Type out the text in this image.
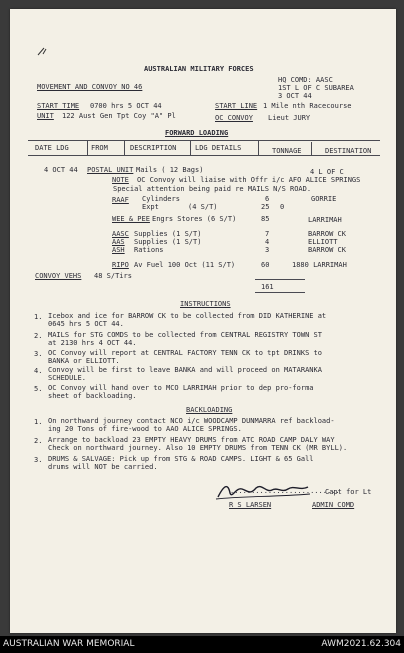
AUSTRALIAN MILITARY FORCES
HQ COMD: AASC
1ST L OF C SUBAREA
3 OCT 44
MOVEMENT AND CONVOY NO 46
START TIME 0700 hrs 5 OCT 44	START LINE 1 Mile nth Racecourse
UNIT 122 Aust Gen Tpt Coy "A" Pl	OC CONVOY Lieut JURY
FORWARD LOADING
DATE LDG	FROM	DESCRIPTION	LDG DETAILS	TONNAGE	DESTINATION
4 OCT 44 POSTAL UNIT Mails ( 12 Bags)	4 L OF C
NOTE OC Convoy will liaise with Offr i/c AFO ALICE SPRINGS
Special attention being paid re MAILS N/S ROAD.
RAAF Cylinders	6	GORRIE
Expt	(4 S/T)	25 0
WEE & PEE Engrs Stores (6 S/T)	85	LARRIMAH
AASC Supplies (1 S/T)	7	BARROW CK
AAS Supplies (1 S/T)	4	ELLIOTT
ASH Rations	3	BARROW CK
RIPO Av Fuel 100 Oct (11 S/T)	60	1880 LARRIMAH
CONVOY VEHS 48 S/Tirs
161
INSTRUCTIONS
1. Icebox and ice for BARROW CK to be collected from DID KATHERINE at
0645 hrs 5 OCT 44.
2. MAILS for STG COMDS to be collected from CENTRAL REGISTRY TOWN ST
at 2130 hrs 4 OCT 44.
3. OC Convoy will report at CENTRAL FACTORY TENN CK to tpt DRINKS to
BANKA or ELLIOTT.
4. Convoy will be first to leave BANKA and will proceed on MATARANKA
SCHEDULE.
5. OC Convoy will hand over to MCO LARRIMAH prior to dep pro-forma
sheet of backloading.
BACKLOADING
1. On northward journey contact NCO i/c WOODCAMP DUNMARRA ref backload-
ing 20 Tons of fire-wood to AAO ALICE SPRINGS.
2. Arrange to backload 23 EMPTY HEAVY DRUMS from ATC ROAD CAMP DALY WAY
Check on northward journey. Also 10 EMPTY DRUMS from TENN CK (MR BYLL).
3. DRUMS & SALVAGE: Pick up from STG & ROAD CAMPS. LIGHT & 65 Gall
drums will NOT be carried.
..........................
Capt for Lt
R S LARSEN	ADMIN COMD
AUSTRALIAN WAR MEMORIAL	AWM2021.62.304
